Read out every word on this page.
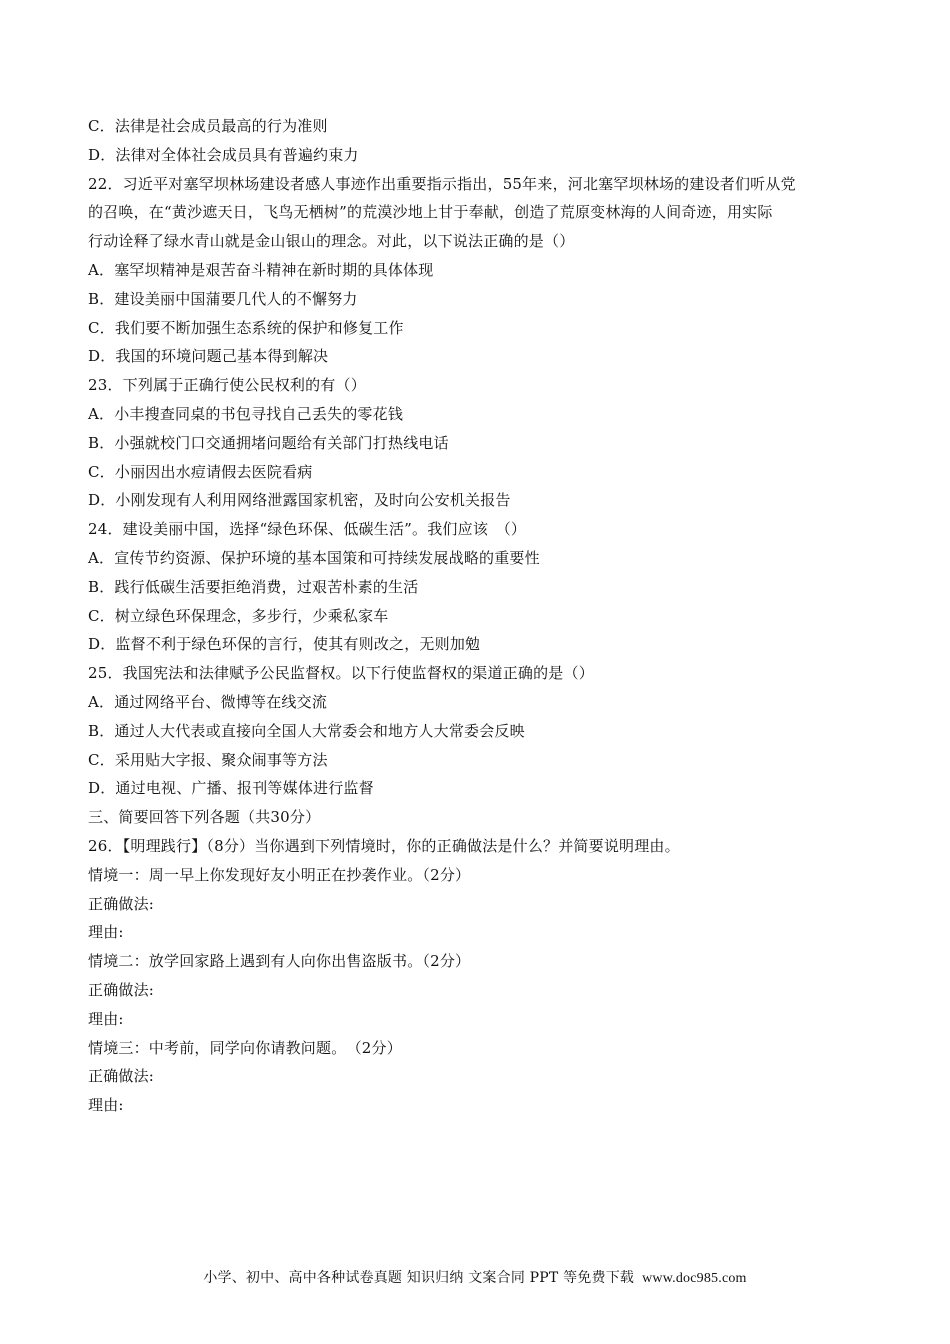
C．法律是社会成员最高的行为准则
D．法律对全体社会成员具有普遍约束力
22．习近平对塞罕坝林场建设者感人事迹作出重要指示指出，55年来，河北塞罕坝林场的建设者们听从党
的召唤，在“黄沙遮天日，飞鸟无栖树”的荒漠沙地上甘于奉献，创造了荒原变林海的人间奇迹，用实际
行动诠释了绿水青山就是金山银山的理念。对此，以下说法正确的是（）
A．塞罕坝精神是艰苦奋斗精神在新时期的具体体现
B．建设美丽中国蒲要几代人的不懈努力
C．我们要不断加强生态系统的保护和修复工作
D．我国的环境问题己基本得到解决
23．下列属于正确行使公民权利的有（）
A．小丰搜查同桌的书包寻找自己丢失的零花钱
B．小强就校门口交通拥堵问题给有关部门打热线电话
C．小丽因出水痘请假去医院看病
D．小刚发现有人利用网络泄露国家机密，及时向公安机关报告
24．建设美丽中国，选择“绿色环保、低碳生活”。我们应该　（）
A．宣传节约资源、保护环境的基本国策和可持续发展战略的重要性
B．践行低碳生活要拒绝消费，过艰苦朴素的生活
C．树立绿色环保理念，多步行，少乘私家车
D．监督不利于绿色环保的言行，使其有则改之，无则加勉
25．我国宪法和法律赋予公民监督权。以下行使监督权的渠道正确的是（）
A．通过网络平台、微博等在线交流
B．通过人大代表或直接向全国人大常委会和地方人大常委会反映
C．采用贴大字报、聚众闹事等方法
D．通过电视、广播、报刊等媒体进行监督
三、简要回答下列各题（共30分）
26．【明理践行】（8分）当你遇到下列情境时，你的正确做法是什么？并简要说明理由。
情境一：周一早上你发现好友小明正在抄袭作业。（2分）
正确做法:
理由:
情境二：放学回家路上遇到有人向你出售盗版书。（2分）
正确做法:
理由:
情境三：中考前，同学向你请教问题。　（2分）
正确做法:
理由:
小学、初中、高中各种试卷真题 知识归纳 文案合同 PPT 等免费下载 www.doc985.com
